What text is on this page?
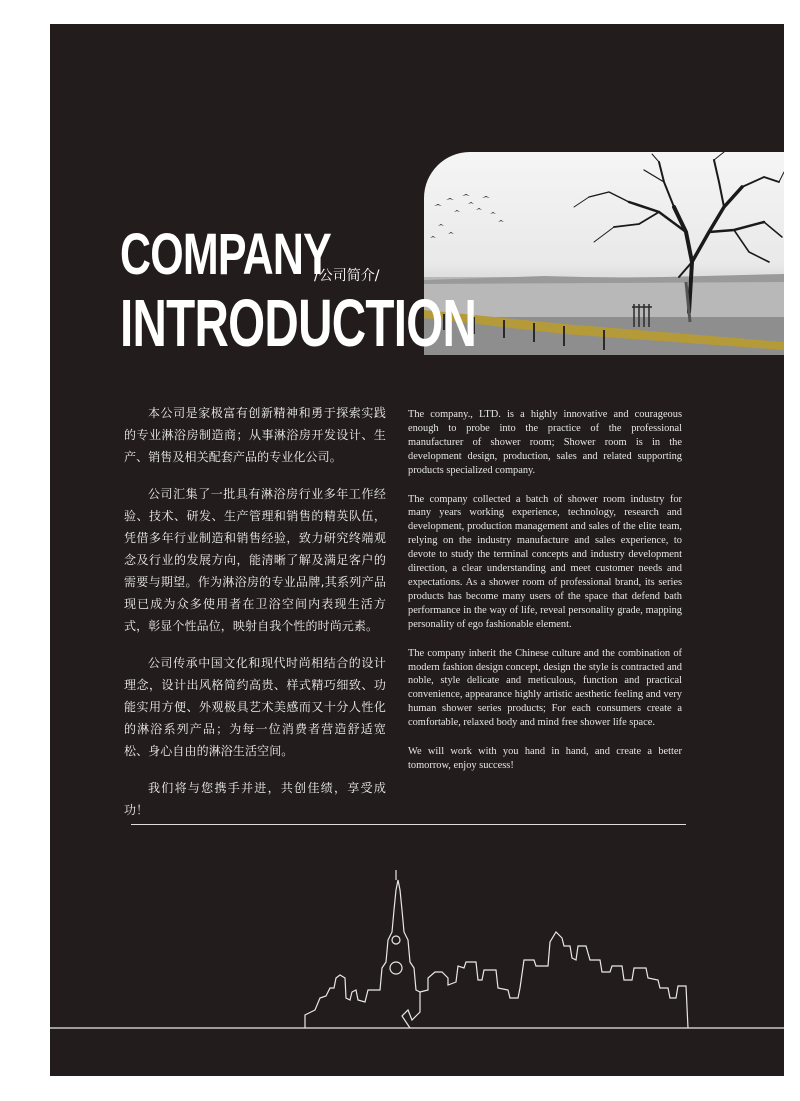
COMPANY
INTRODUCTION
/公司简介/

本公司是家极富有创新精神和勇于探索实践的专业淋浴房制造商；从事淋浴房开发设计、生产、销售及相关配套产品的专业化公司。

公司汇集了一批具有淋浴房行业多年工作经验、技术、研发、生产管理和销售的精英队伍，凭借多年行业制造和销售经验，致力研究终端观念及行业的发展方向，能清晰了解及满足客户的需要与期望。作为淋浴房的专业品牌,其系列产品现已成为众多使用者在卫浴空间内表现生活方式，彰显个性品位，映射自我个性的时尚元素。

公司传承中国文化和现代时尚相结合的设计理念，设计出风格简约高贵、样式精巧细致、功能实用方便、外观极具艺术美感而又十分人性化的淋浴系列产品；为每一位消费者营造舒适宽松、身心自由的淋浴生活空间。

我们将与您携手并进，共创佳绩，享受成功！

The company., LTD. is a highly innovative and courageous enough to probe into the practice of the professional manufacturer of shower room; Shower room is in the development design, production, sales and related supporting products specialized company.

The company collected a batch of shower room industry for many years working experience, technology, research and development, production management and sales of the elite team, relying on the industry manufacture and sales experience, to devote to study the terminal concepts and industry development direction, a clear understanding and meet customer needs and expectations. As a shower room of professional brand, its series products has become many users of the space that defend bath performance in the way of life, reveal personality grade, mapping personality of ego fashionable element.

The company inherit the Chinese culture and the combination of modern fashion design concept, design the style is contracted and noble, style delicate and meticulous, function and practical convenience, appearance highly artistic aesthetic feeling and very human shower series products; For each consumers create a comfortable, relaxed body and mind free shower life space.

We will work with you hand in hand, and create a better tomorrow, enjoy success!
